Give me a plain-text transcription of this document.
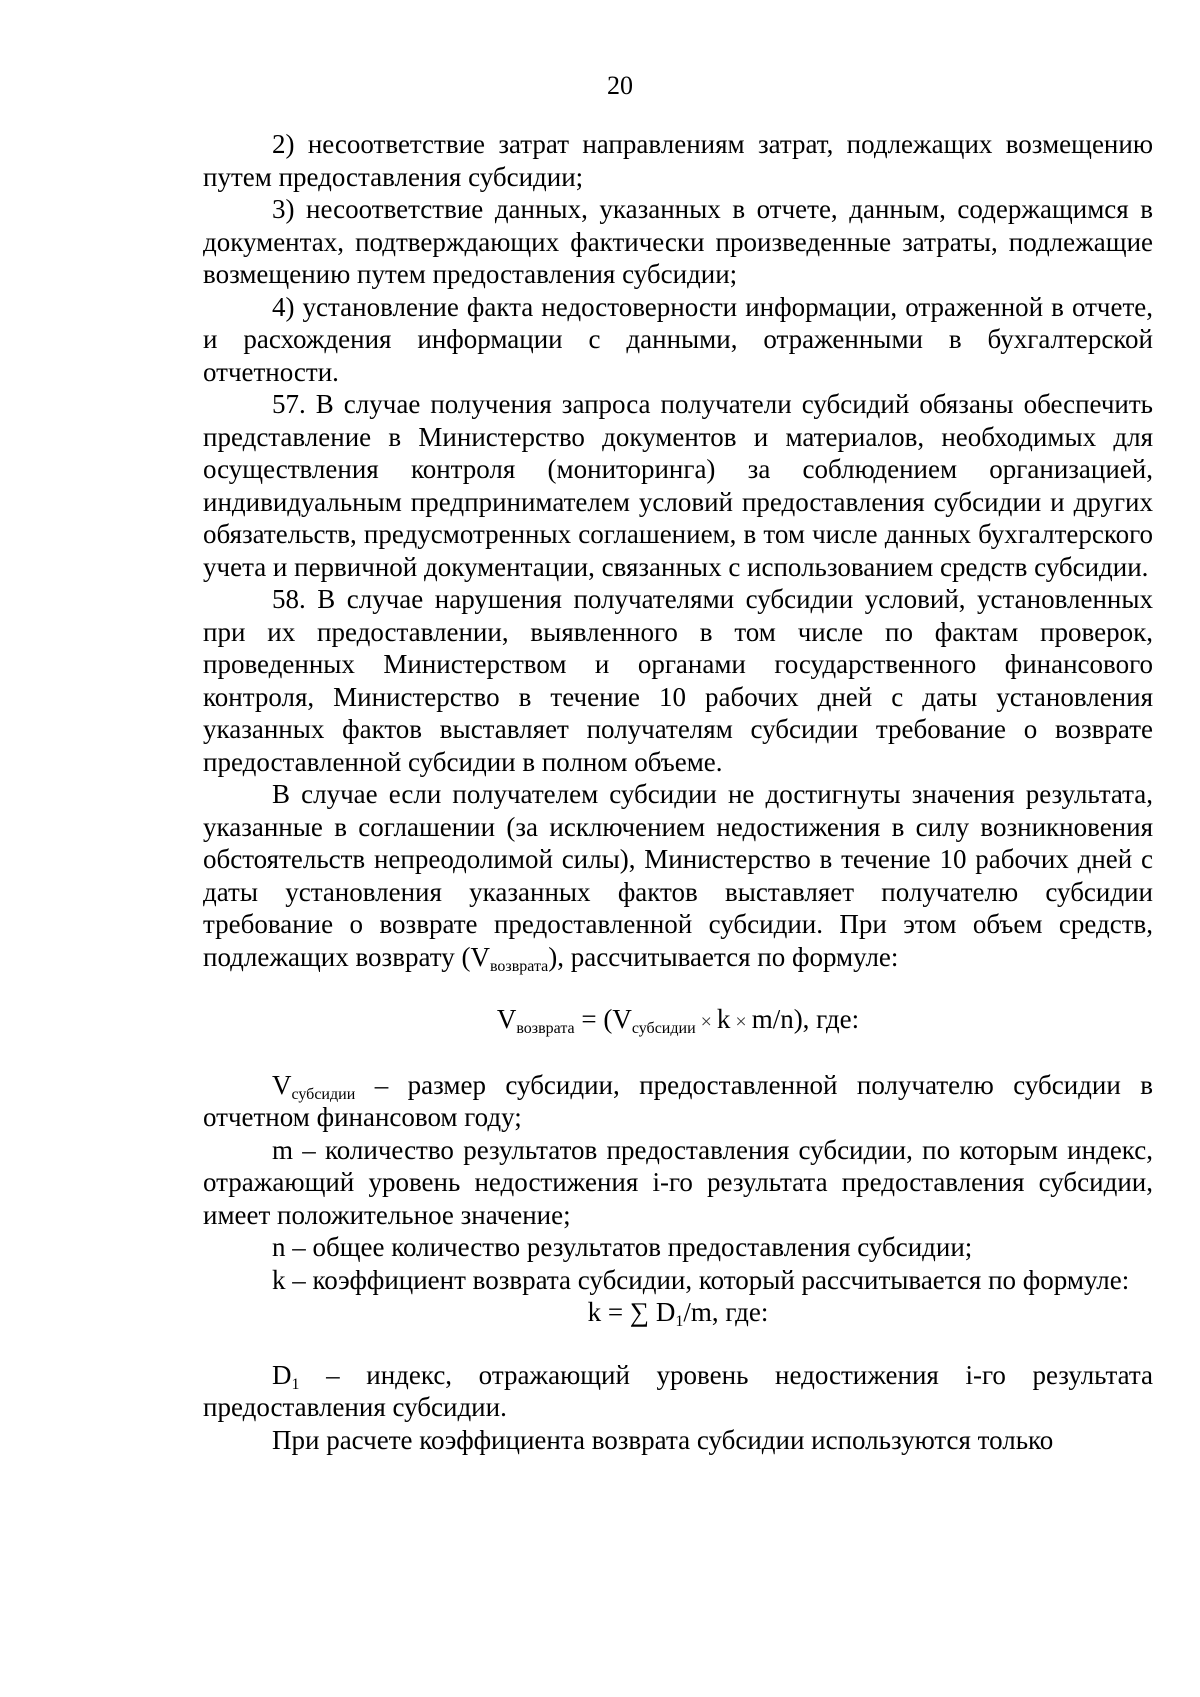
20

2) несоответствие затрат направлениям затрат, подлежащих возмещению путем предоставления субсидии;

3) несоответствие данных, указанных в отчете, данным, содержащимся в документах, подтверждающих фактически произведенные затраты, подлежащие возмещению путем предоставления субсидии;

4) установление факта недостоверности информации, отраженной в отчете, и расхождения информации с данными, отраженными в бухгалтерской отчетности.

57. В случае получения запроса получатели субсидий обязаны обеспечить представление в Министерство документов и материалов, необходимых для осуществления контроля (мониторинга) за соблюдением организацией, индивидуальным предпринимателем условий предоставления субсидии и других обязательств, предусмотренных соглашением, в том числе данных бухгалтерского учета и первичной документации, связанных с использованием средств субсидии.

58. В случае нарушения получателями субсидии условий, установленных при их предоставлении, выявленного в том числе по фактам проверок, проведенных Министерством и органами государственного финансового контроля, Министерство в течение 10 рабочих дней с даты установления указанных фактов выставляет получателям субсидии требование о возврате предоставленной субсидии в полном объеме.

В случае если получателем субсидии не достигнуты значения результата, указанные в соглашении (за исключением недостижения в силу возникновения обстоятельств непреодолимой силы), Министерство в течение 10 рабочих дней с даты установления указанных фактов выставляет получателю субсидии требование о возврате предоставленной субсидии. При этом объем средств, подлежащих возврату $(V_{возврата})$, рассчитывается по формуле:

$V_{возврата} = (V_{субсидии} \times k \times m/n)$, где:

$V_{субсидии}$ – размер субсидии, предоставленной получателю субсидии в отчетном финансовом году;

m – количество результатов предоставления субсидии, по которым индекс, отражающий уровень недостижения i-го результата предоставления субсидии, имеет положительное значение;

n – общее количество результатов предоставления субсидии;

k – коэффициент возврата субсидии, который рассчитывается по формуле:

k = ∑ $D_1/m$, где:

$D_1$ – индекс, отражающий уровень недостижения i-го результата предоставления субсидии.

При расчете коэффициента возврата субсидии используются только
